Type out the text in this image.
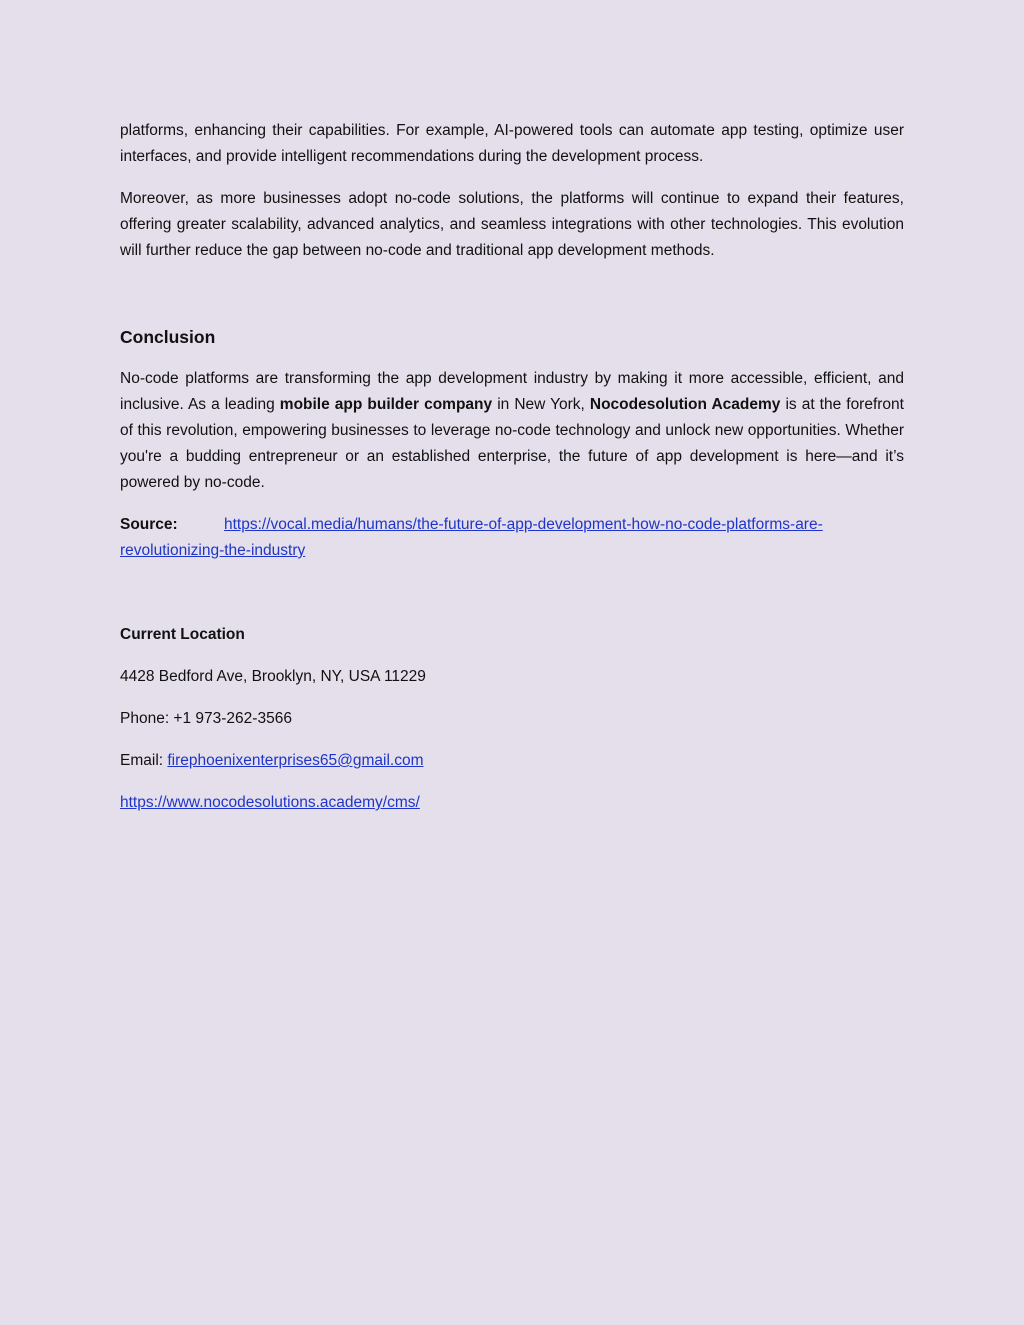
platforms, enhancing their capabilities. For example, AI-powered tools can automate app testing, optimize user interfaces, and provide intelligent recommendations during the development process.

Moreover, as more businesses adopt no-code solutions, the platforms will continue to expand their features, offering greater scalability, advanced analytics, and seamless integrations with other technologies. This evolution will further reduce the gap between no-code and traditional app development methods.

Conclusion

No-code platforms are transforming the app development industry by making it more accessible, efficient, and inclusive. As a leading mobile app builder company in New York, Nocodesolution Academy is at the forefront of this revolution, empowering businesses to leverage no-code technology and unlock new opportunities. Whether you're a budding entrepreneur or an established enterprise, the future of app development is here—and it’s powered by no-code.

Source:	https://vocal.media/humans/the-future-of-app-development-how-no-code-platforms-are-revolutionizing-the-industry

Current Location

4428 Bedford Ave, Brooklyn, NY, USA 11229

Phone: +1 973-262-3566

Email: firephoenixenterprises65@gmail.com

https://www.nocodesolutions.academy/cms/
